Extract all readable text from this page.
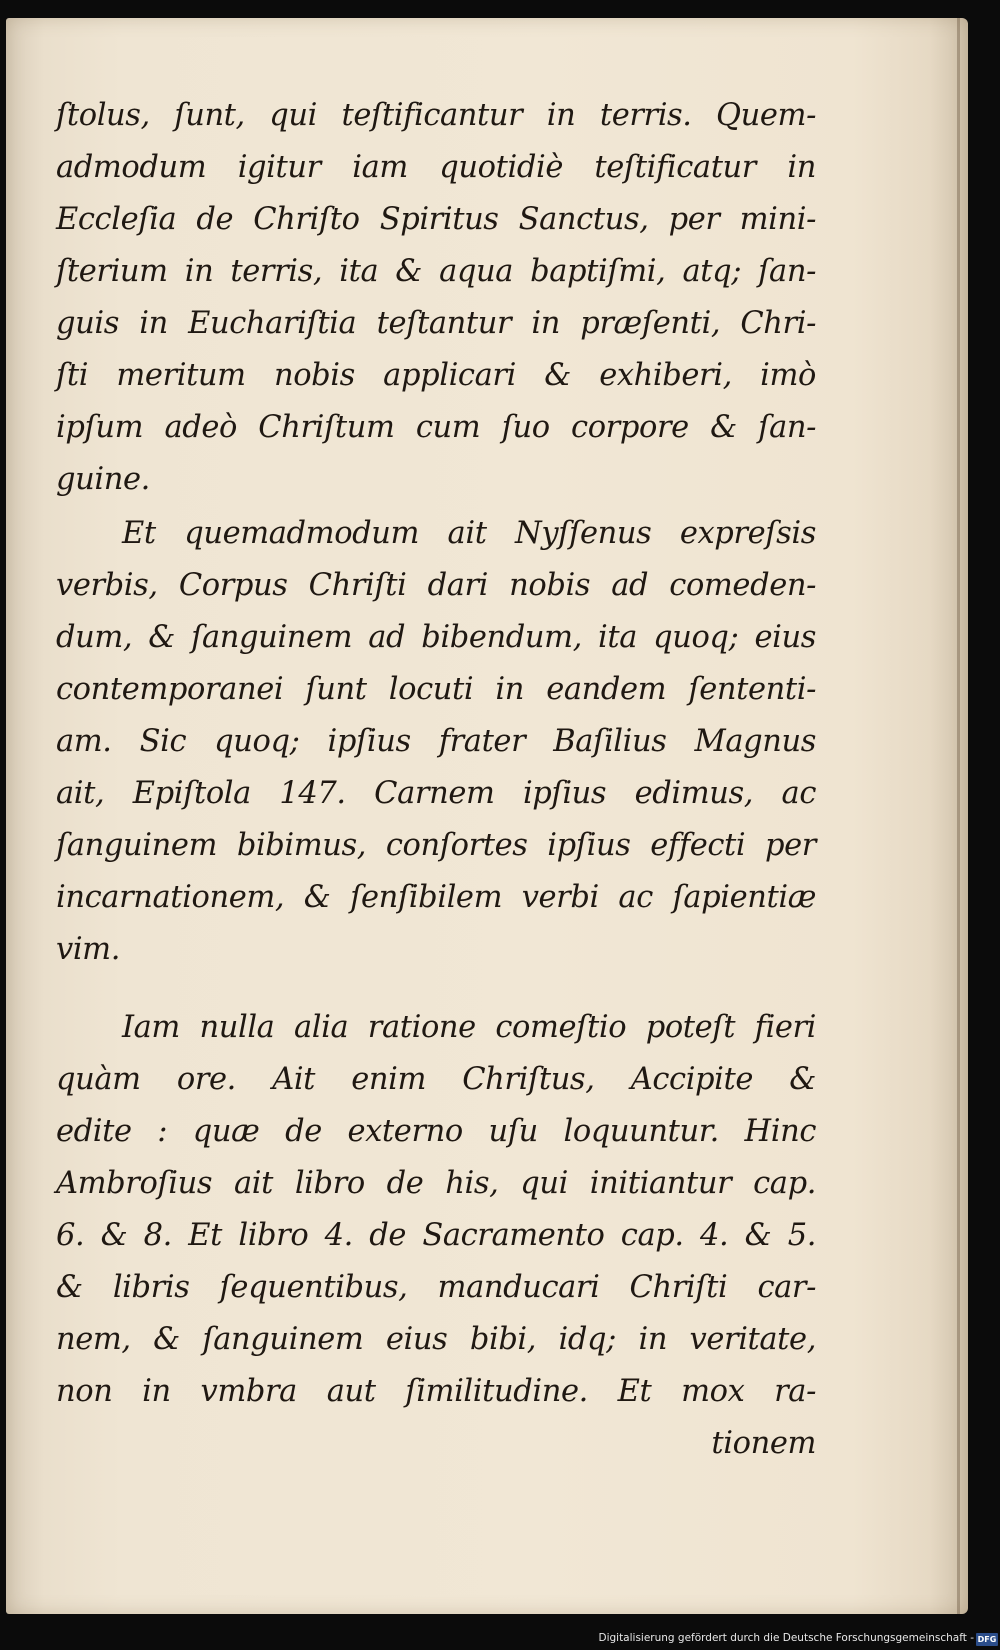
ſtolus, ſunt, qui teſtificantur in terris. Quem-
admodum igitur iam quotidiè teſtificatur in
Eccleſia de Chriſto Spiritus Sanctus, per mini-
ſterium in terris, ita & aqua baptiſmi, atq; ſan-
guis in Euchariſtia teſtantur in præſenti, Chri-
ſti meritum nobis applicari & exhiberi, imò
ipſum adeò Chriſtum cum ſuo corpore & ſan-
guine.

Et quemadmodum ait Nyſſenus expreſsis
verbis, Corpus Chriſti dari nobis ad comeden-
dum, & ſanguinem ad bibendum, ita quoq; eius
contemporanei ſunt locuti in eandem ſententi-
am. Sic quoq; ipſius frater Baſilius Magnus
ait, Epiſtola 147. Carnem ipſius edimus, ac
ſanguinem bibimus, conſortes ipſius effecti per
incarnationem, & ſenſibilem verbi ac ſapientiæ
vim.

Iam nulla alia ratione comeſtio poteſt fieri
quàm ore. Ait enim Chriſtus, Accipite &
edite : quæ de externo uſu loquuntur. Hinc
Ambroſius ait libro de his, qui initiantur cap.
6. & 8. Et libro 4. de Sacramento cap. 4. & 5.
& libris ſequentibus, manducari Chriſti car-
nem, & ſanguinem eius bibi, idq; in veritate,
non in vmbra aut ſimilitudine. Et mox ra-

tionem
Digitalisierung gefördert durch die Deutsche Forschungsgemeinschaft - DFG
